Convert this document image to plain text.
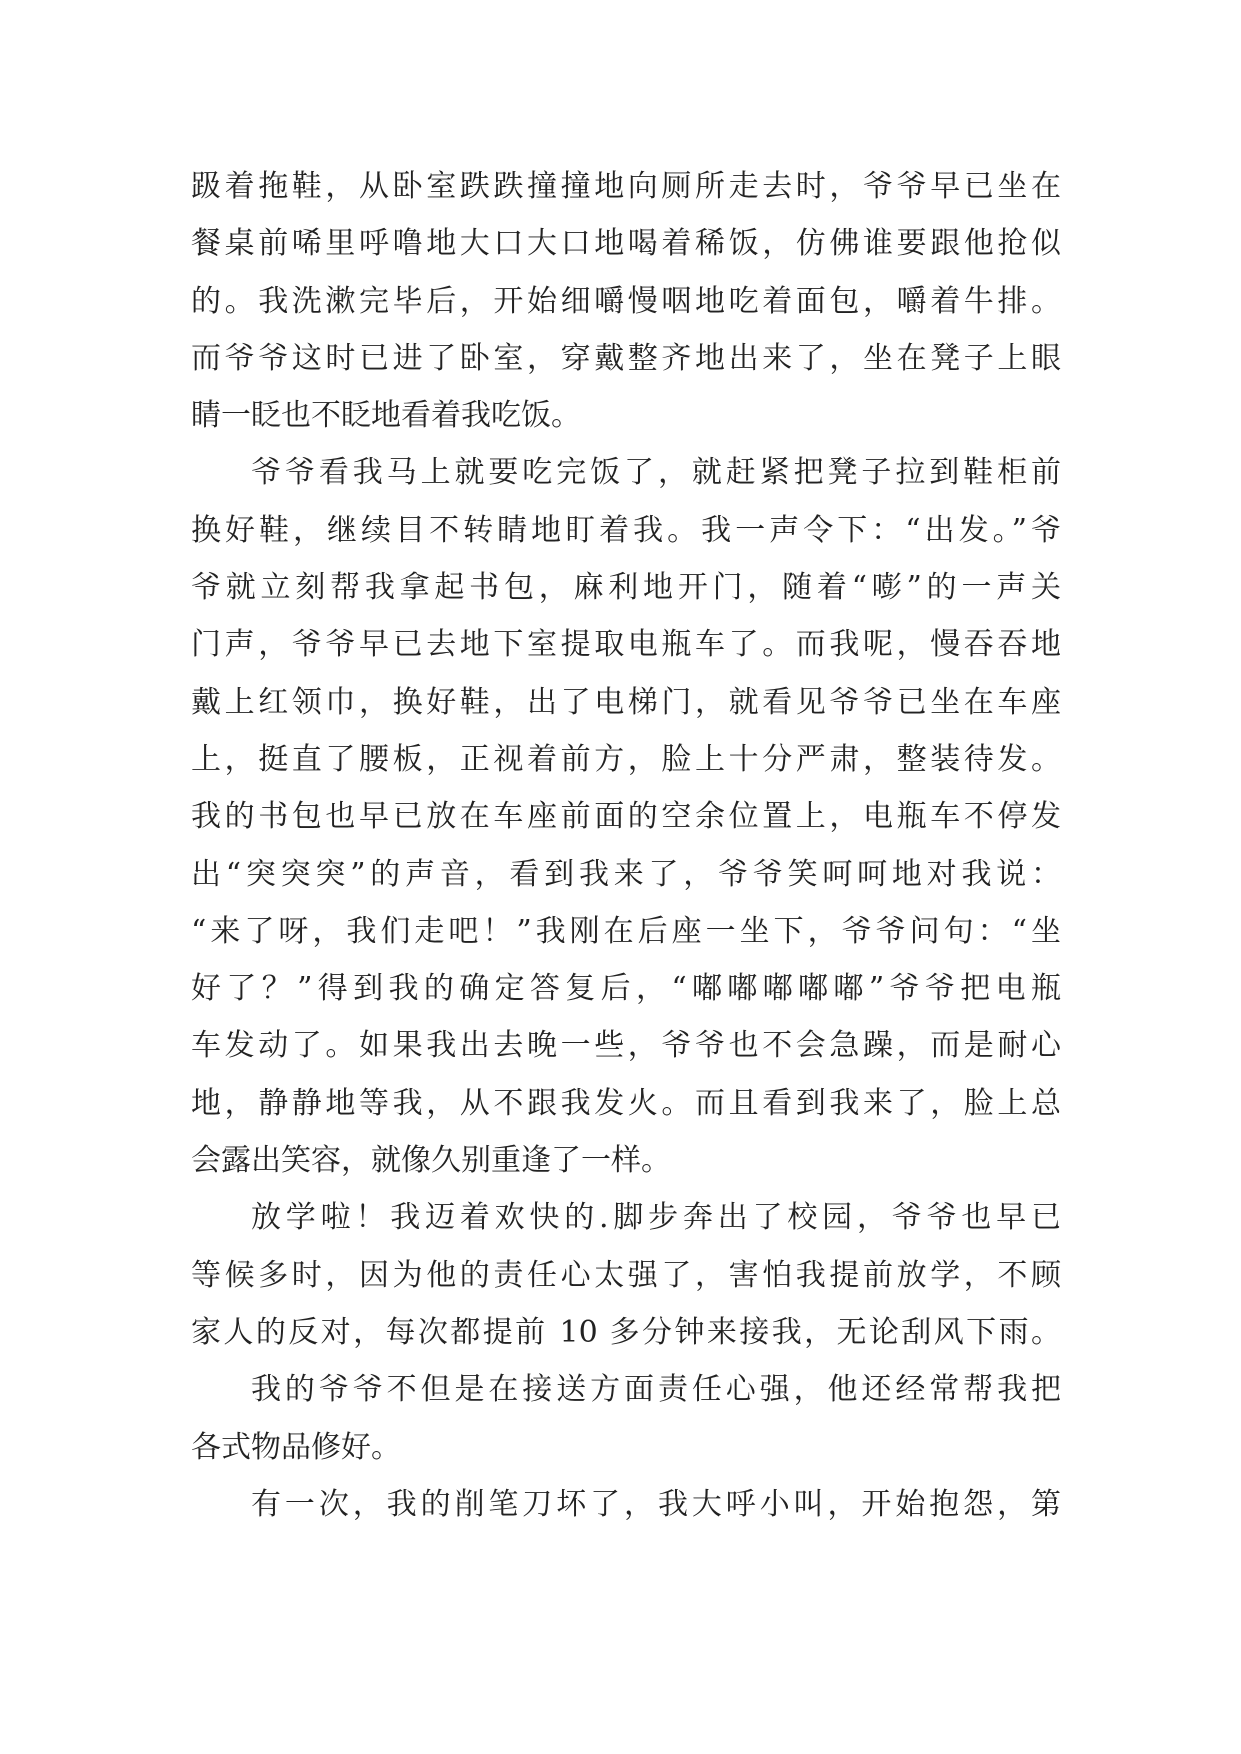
趿着拖鞋，从卧室跌跌撞撞地向厕所走去时，爷爷早已坐在
餐桌前唏里呼噜地大口大口地喝着稀饭，仿佛谁要跟他抢似
的。我洗漱完毕后，开始细嚼慢咽地吃着面包，嚼着牛排。
而爷爷这时已进了卧室，穿戴整齐地出来了，坐在凳子上眼
睛一眨也不眨地看着我吃饭。
爷爷看我马上就要吃完饭了，就赶紧把凳子拉到鞋柜前
换好鞋，继续目不转睛地盯着我。我一声令下：“出发。”爷
爷就立刻帮我拿起书包，麻利地开门，随着“嘭”的一声关
门声，爷爷早已去地下室提取电瓶车了。而我呢，慢吞吞地
戴上红领巾，换好鞋，出了电梯门，就看见爷爷已坐在车座
上，挺直了腰板，正视着前方，脸上十分严肃，整装待发。
我的书包也早已放在车座前面的空余位置上，电瓶车不停发
出“突突突”的声音，看到我来了，爷爷笑呵呵地对我说：
“来了呀，我们走吧！”我刚在后座一坐下，爷爷问句：“坐
好了？”得到我的确定答复后，“嘟嘟嘟嘟嘟”爷爷把电瓶
车发动了。如果我出去晚一些，爷爷也不会急躁，而是耐心
地，静静地等我，从不跟我发火。而且看到我来了，脸上总
会露出笑容，就像久别重逢了一样。
放学啦！我迈着欢快的.脚步奔出了校园，爷爷也早已
等候多时，因为他的责任心太强了，害怕我提前放学，不顾
家人的反对，每次都提前 10 多分钟来接我，无论刮风下雨。
我的爷爷不但是在接送方面责任心强，他还经常帮我把
各式物品修好。
有一次，我的削笔刀坏了，我大呼小叫，开始抱怨，第
